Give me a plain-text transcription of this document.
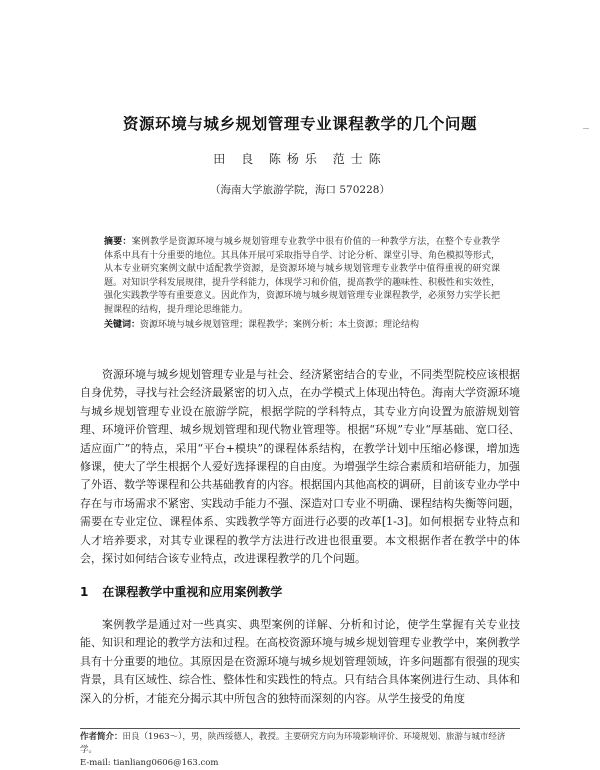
资源环境与城乡规划管理专业课程教学的几个问题
田 良 陈杨乐 范士陈
（海南大学旅游学院，海口 570228）
摘要：案例教学是资源环境与城乡规划管理专业教学中很有价值的一种教学方法，在整个专业教学体系中具有十分重要的地位。其具体开展可采取指导自学、讨论分析、课堂引导、角色模拟等形式，从本专业研究案例文献中适配教学资源，是资源环境与城乡规划管理专业教学中值得重视的研究课题。对知识学科发展规律，提升学科能力，体现学习和价值，提高教学的趣味性、积极性和实效性，强化实践教学等有重要意义。因此作为，资源环境与城乡规划管理专业课程教学，必须努力实学长把握课程的结构，提升理论思维能力。
关键词：资源环境与城乡规划管理；课程教学；案例分析；本土资源；理论结构

资源环境与城乡规划管理专业是与社会、经济紧密结合的专业，不同类型院校应该根据自身优势，寻找与社会经济最紧密的切入点，在办学模式上体现出特色。海南大学资源环境与城乡规划管理专业设在旅游学院，根据学院的学科特点，其专业方向设置为旅游规划管理、环境评价管理、城乡规划管理和现代物业管理等。根据“环规”专业“厚基础、宽口径、适应面广”的特点，采用“平台+模块”的课程体系结构，在教学计划中压缩必修课，增加选修课，使大了学生根据个人爱好选择课程的自由度。为增强学生综合素质和培研能力，加强了外语、数学等课程和公共基础教育的内容。根据国内其他高校的调研，目前该专业办学中存在与市场需求不紧密、实践动手能力不强、深造对口专业不明确、课程结构失衡等问题，需要在专业定位、课程体系、实践教学等方面进行必要的改革[1-3]。如何根据专业特点和人才培养要求，对其专业课程的教学方法进行改进也很重要。本文根据作者在教学中的体会，探讨如何结合该专业特点，改进课程教学的几个问题。

1 在课程教学中重视和应用案例教学

案例教学是通过对一些真实、典型案例的详解、分析和讨论，使学生掌握有关专业技能、知识和理论的教学方法和过程。在高校资源环境与城乡规划管理专业教学中，案例教学具有十分重要的地位。其原因是在资源环境与城乡规划管理领域，许多问题都有很强的现实背景，具有区域性、综合性、整体性和实践性的特点。只有结合具体案例进行生动、具体和深入的分析，才能充分揭示其中所包含的独特而深刻的内容。从学生接受的角度

作者简介：田良（1963～），男，陕西绥德人，教授。主要研究方向为环境影响评价、环境规划、旅游与城市经济学。
E-mail: tianliang0606@163.com
